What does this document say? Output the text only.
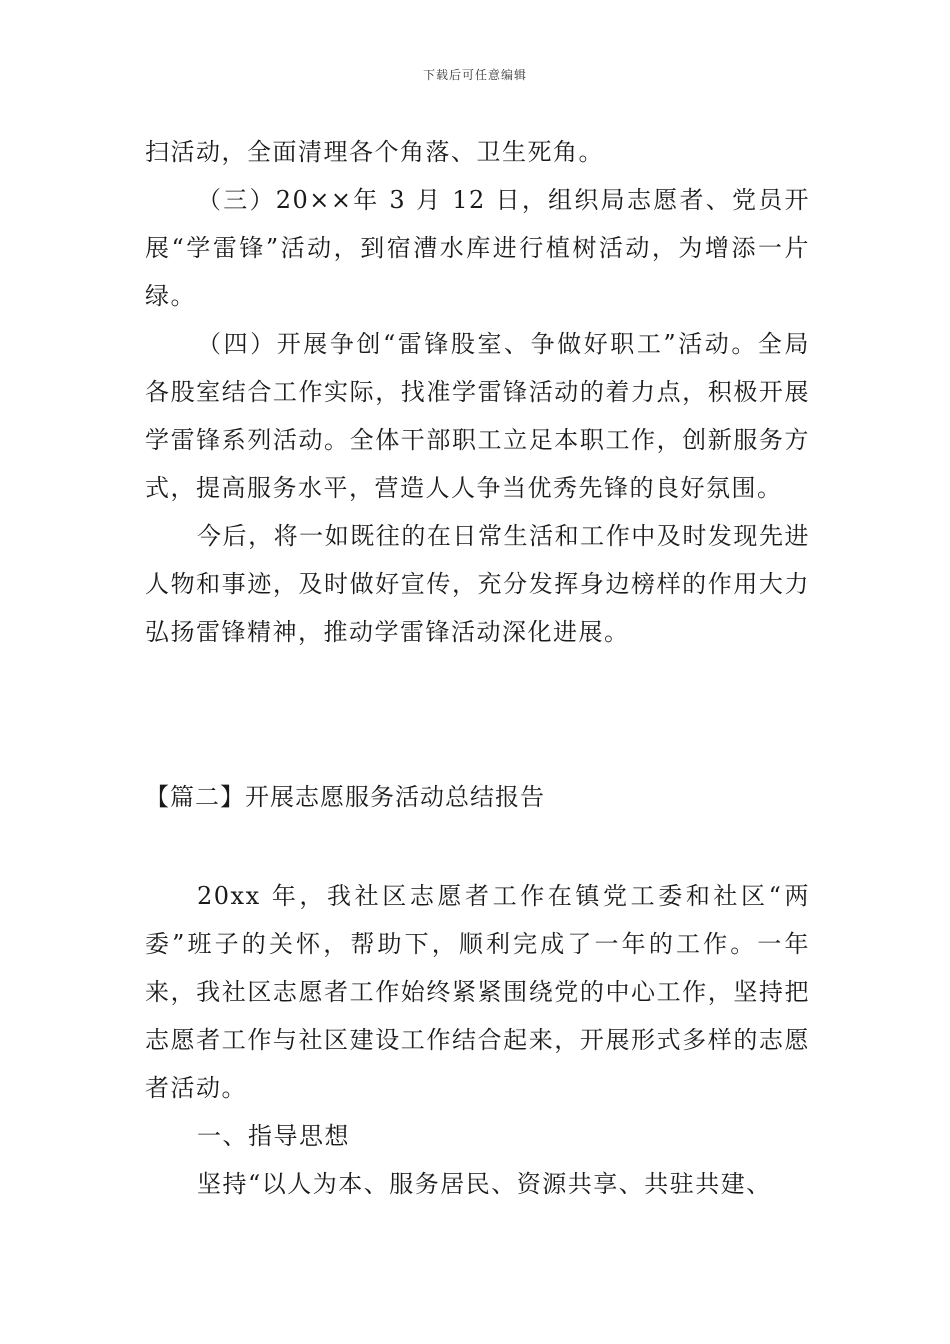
下载后可任意编辑

扫活动，全面清理各个角落、卫生死角。

（三）20××年 3 月 12 日，组织局志愿者、党员开展“学雷锋”活动，到宿漕水库进行植树活动，为增添一片绿。

（四）开展争创“雷锋股室、争做好职工”活动。全局各股室结合工作实际，找准学雷锋活动的着力点，积极开展学雷锋系列活动。全体干部职工立足本职工作，创新服务方式，提高服务水平，营造人人争当优秀先锋的良好氛围。

今后，将一如既往的在日常生活和工作中及时发现先进人物和事迹，及时做好宣传，充分发挥身边榜样的作用大力弘扬雷锋精神，推动学雷锋活动深化进展。

【篇二】开展志愿服务活动总结报告

20xx 年，我社区志愿者工作在镇党工委和社区“两委”班子的关怀，帮助下，顺利完成了一年的工作。一年来，我社区志愿者工作始终紧紧围绕党的中心工作，坚持把志愿者工作与社区建设工作结合起来，开展形式多样的志愿者活动。

一、指导思想

坚持“以人为本、服务居民、资源共享、共驻共建、
